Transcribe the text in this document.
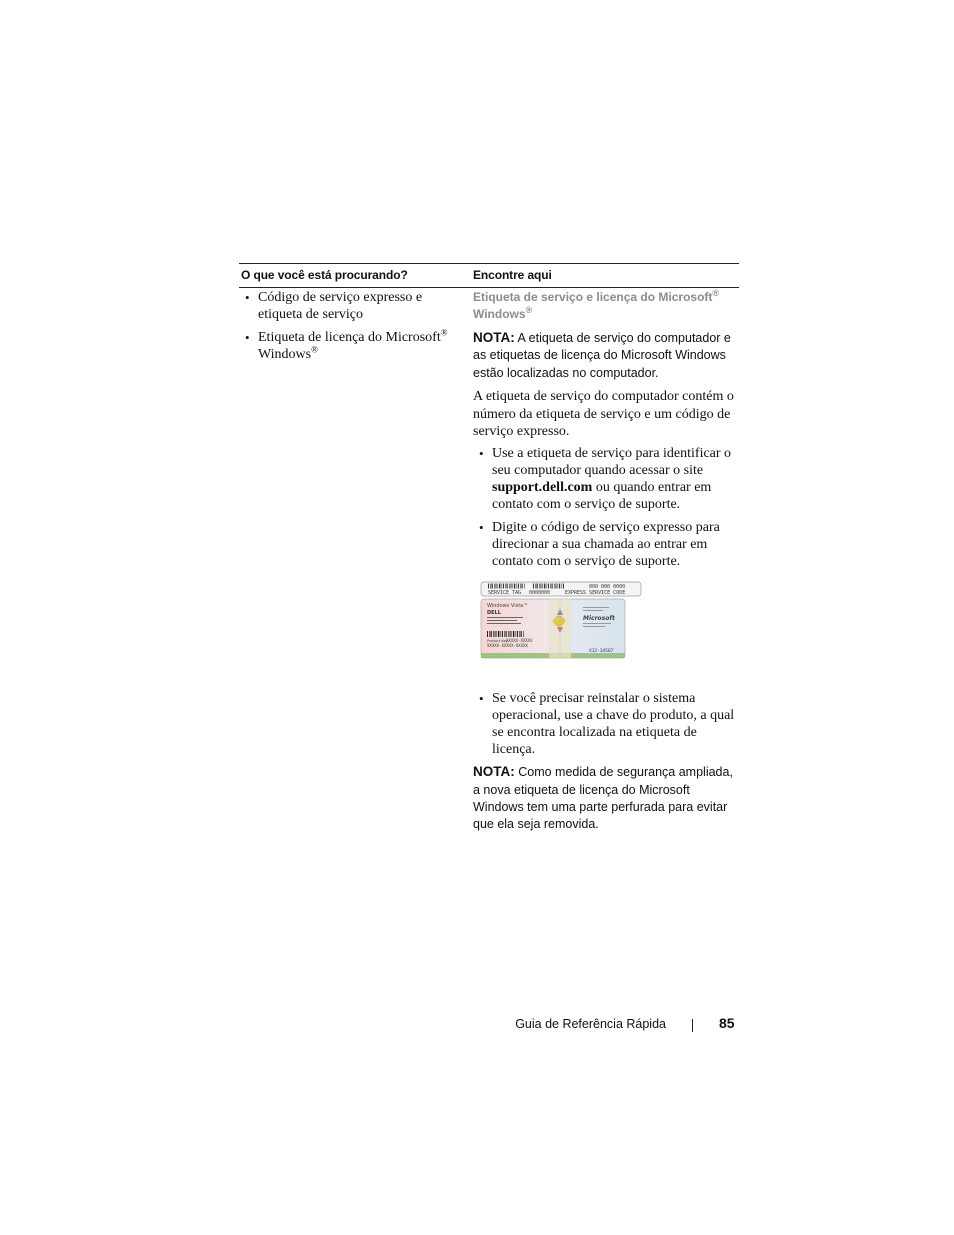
O que você está procurando?	Encontre aqui
• Código de serviço expresso e etiqueta de serviço
• Etiqueta de licença do Microsoft® Windows®
Etiqueta de serviço e licença do Microsoft® Windows®
NOTA: A etiqueta de serviço do computador e as etiquetas de licença do Microsoft Windows estão localizadas no computador.
A etiqueta de serviço do computador contém o número da etiqueta de serviço e um código de serviço expresso.
• Use a etiqueta de serviço para identificar o seu computador quando acessar o site support.dell.com ou quando entrar em contato com o serviço de suporte.
• Digite o código de serviço expresso para direcionar a sua chamada ao entrar em contato com o serviço de suporte.
SERVICE TAG 0000000
000 000 0000
EXPRESS SERVICE CODE
Windows Vista™
DELL
Product Key:
XXXXX-XXXXX
XXXXX-XXXXX-XXXXX
Microsoft
X12-34567
• Se você precisar reinstalar o sistema operacional, use a chave do produto, a qual se encontra localizada na etiqueta de licença.
NOTA: Como medida de segurança ampliada, a nova etiqueta de licença do Microsoft Windows tem uma parte perfurada para evitar que ela seja removida.
Guia de Referência Rápida	85
